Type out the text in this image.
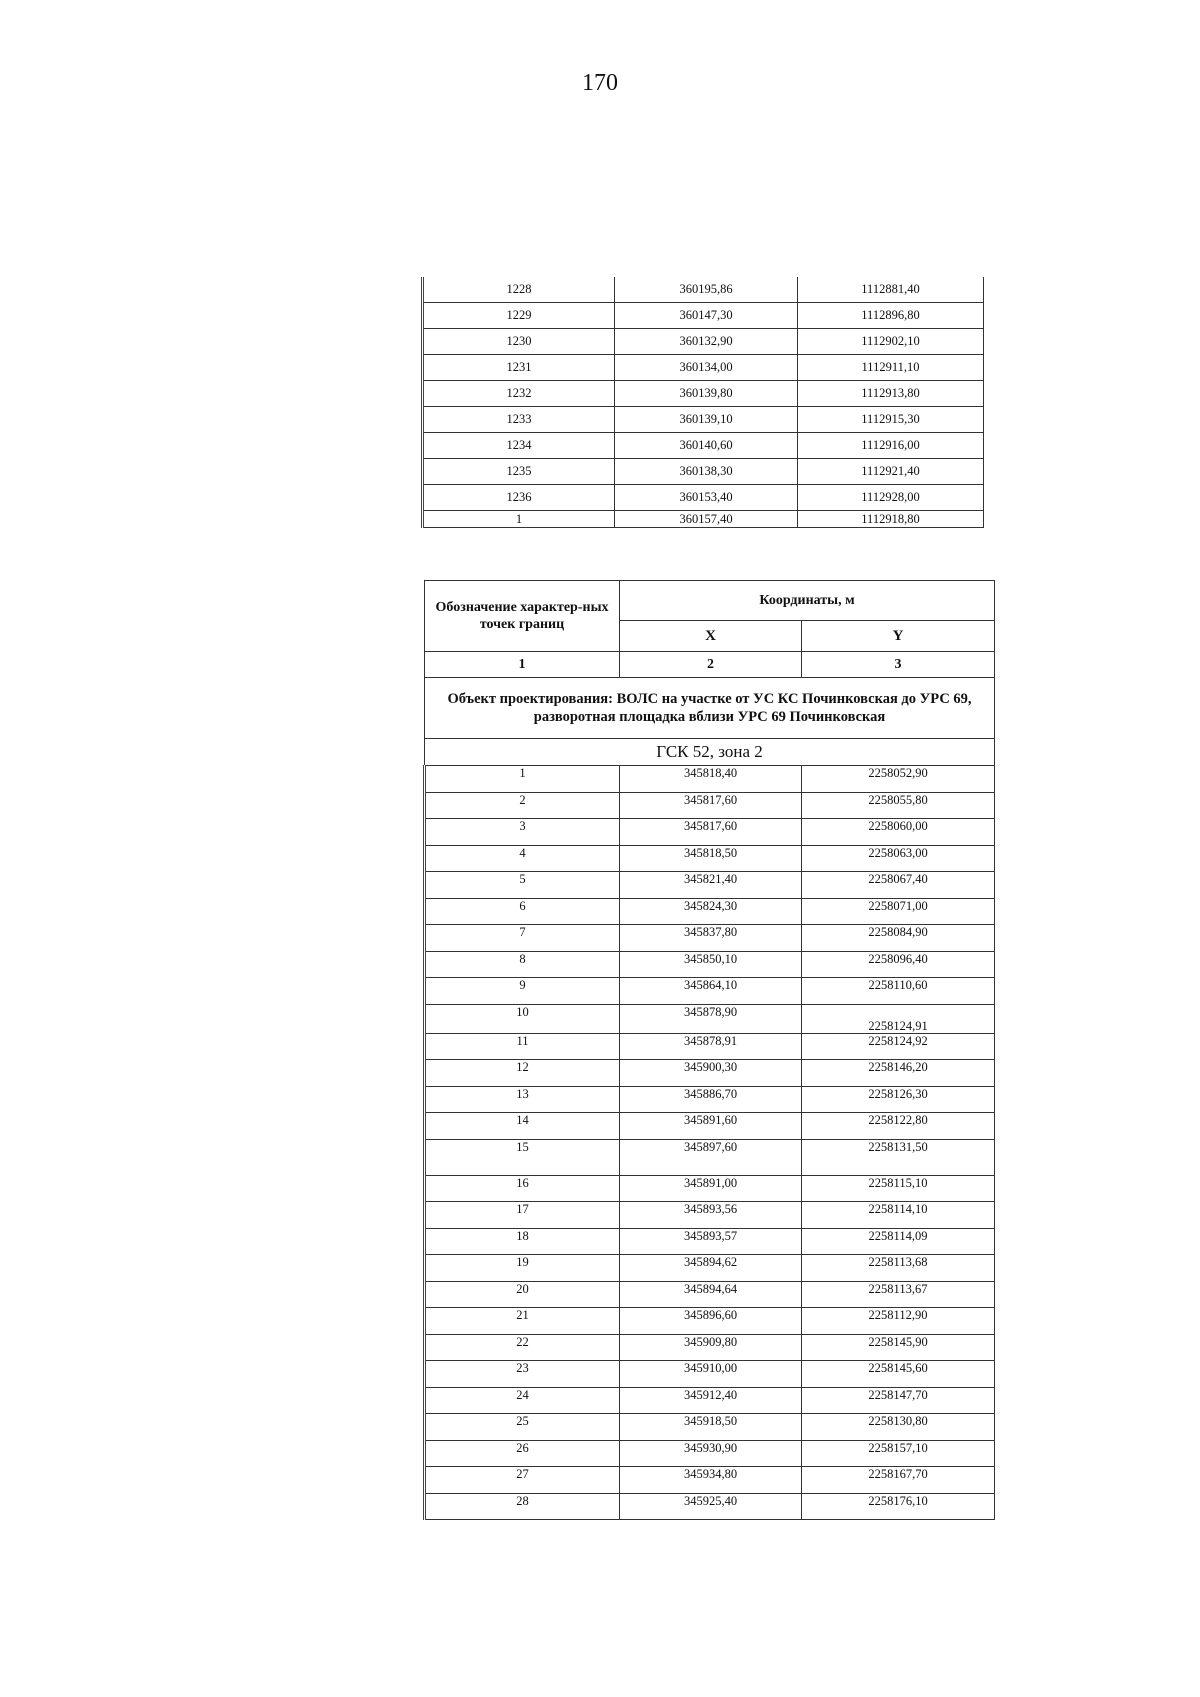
170
1228	360195,86	1112881,40
1229	360147,30	1112896,80
1230	360132,90	1112902,10
1231	360134,00	1112911,10
1232	360139,80	1112913,80
1233	360139,10	1112915,30
1234	360140,60	1112916,00
1235	360138,30	1112921,40
1236	360153,40	1112928,00
1	360157,40	1112918,80
Обозначение характер-ных точек границ	Координаты, м	
	X	Y
1	2	3
Объект проектирования: ВОЛС на участке от УС КС Починковская до УРС 69, разворотная площадка вблизи УРС 69 Починковская		
ГСК 52, зона 2		
1	345818,40	2258052,90
2	345817,60	2258055,80
3	345817,60	2258060,00
4	345818,50	2258063,00
5	345821,40	2258067,40
6	345824,30	2258071,00
7	345837,80	2258084,90
8	345850,10	2258096,40
9	345864,10	2258110,60
10	345878,90	2258124,91
11	345878,91	2258124,92
12	345900,30	2258146,20
13	345886,70	2258126,30
14	345891,60	2258122,80
15	345897,60	2258131,50
16	345891,00	2258115,10
17	345893,56	2258114,10
18	345893,57	2258114,09
19	345894,62	2258113,68
20	345894,64	2258113,67
21	345896,60	2258112,90
22	345909,80	2258145,90
23	345910,00	2258145,60
24	345912,40	2258147,70
25	345918,50	2258130,80
26	345930,90	2258157,10
27	345934,80	2258167,70
28	345925,40	2258176,10
